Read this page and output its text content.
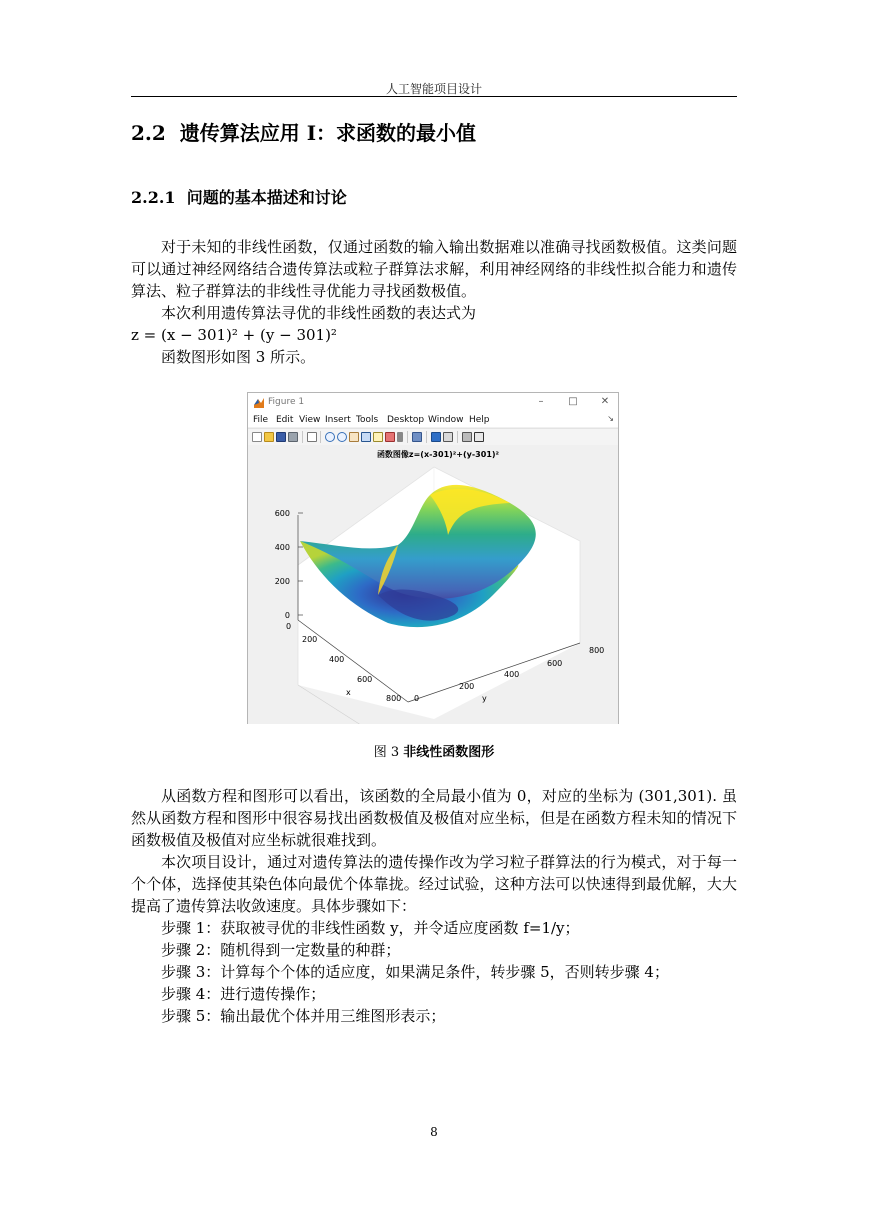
人工智能项目设计
2.2 遗传算法应用 I：求函数的最小值
2.2.1 问题的基本描述和讨论

对于未知的非线性函数，仅通过函数的输入输出数据难以准确寻找函数极值。这类问题可以通过神经网络结合遗传算法或粒子群算法求解，利用神经网络的非线性拟合能力和遗传算法、粒子群算法的非线性寻优能力寻找函数极值。

本次利用遗传算法寻优的非线性函数的表达式为

z = (x − 301)² + (y − 301)²

函数图形如图 3 所示。

Figure 1	–	□ ✕
File Edit View Insert Tools Desktop Window Help	↘
600
400
200
0
0
200
400
600
800
x
0
200
400
600
800
y
函数图像z=(x-301)²+(y-301)²
图 3 非线性函数图形

从函数方程和图形可以看出，该函数的全局最小值为 0，对应的坐标为 (301,301). 虽然从函数方程和图形中很容易找出函数极值及极值对应坐标，但是在函数方程未知的情况下函数极值及极值对应坐标就很难找到。

本次项目设计，通过对遗传算法的遗传操作改为学习粒子群算法的行为模式，对于每一个个体，选择使其染色体向最优个体靠拢。经过试验，这种方法可以快速得到最优解，大大提高了遗传算法收敛速度。具体步骤如下：

步骤 1：获取被寻优的非线性函数 y，并令适应度函数 f=1/y；

步骤 2：随机得到一定数量的种群；

步骤 3：计算每个个体的适应度，如果满足条件，转步骤 5，否则转步骤 4；

步骤 4：进行遗传操作；

步骤 5：输出最优个体并用三维图形表示；

8
